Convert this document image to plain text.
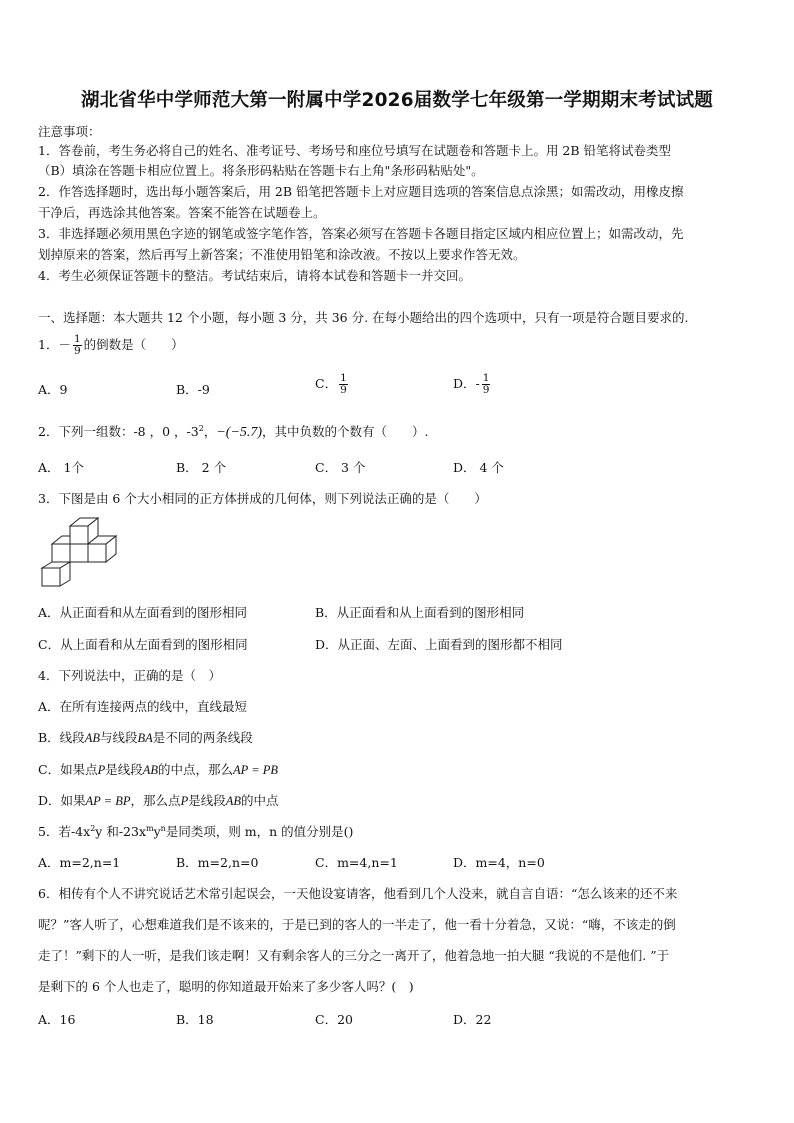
湖北省华中学师范大第一附属中学2026届数学七年级第一学期期末考试试题
注意事项：
1．答卷前，考生务必将自己的姓名、准考证号、考场号和座位号填写在试题卷和答题卡上。用 2B 铅笔将试卷类型
（B）填涂在答题卡相应位置上。将条形码粘贴在答题卡右上角"条形码粘贴处"。
2．作答选择题时，选出每小题答案后，用 2B 铅笔把答题卡上对应题目选项的答案信息点涂黑；如需改动，用橡皮擦
干净后，再选涂其他答案。答案不能答在试题卷上。
3．非选择题必须用黑色字迹的钢笔或签字笔作答，答案必须写在答题卡各题目指定区域内相应位置上；如需改动，先
划掉原来的答案，然后再写上新答案；不准使用铅笔和涂改液。不按以上要求作答无效。
4．考生必须保证答题卡的整洁。考试结束后，请将本试卷和答题卡一并交回。
一、选择题：本大题共 12 个小题，每小题 3 分，共 36 分. 在每小题给出的四个选项中，只有一项是符合题目要求的.
1．－ $\frac{1}{9}$ 的倒数是（　　）
A．9	B．-9	C． $\frac{1}{9}$	D．- $\frac{1}{9}$
2．下列一组数：-8 ，0 ，$-3^2$，−(−5.7)，其中负数的个数有（　　）.
A． 1个	B． 2 个	C． 3 个	D． 4 个
3．下图是由 6 个大小相同的正方体拼成的几何体，则下列说法正确的是（　　）
A．从正面看和从左面看到的图形相同	B．从正面看和从上面看到的图形相同
C．从上面看和从左面看到的图形相同	D．从正面、左面、上面看到的图形都不相同
4．下列说法中，正确的是（　）
A．在所有连接两点的线中，直线最短
B．线段AB与线段BA是不同的两条线段
C．如果点P是线段AB的中点，那么AP = PB
D．如果AP = BP，那么点P是线段AB的中点
5．若$-4x^2y$ 和$-23x^my^n$是同类项，则 m，n 的值分别是()
A．m=2,n=1	B．m=2,n=0	C．m=4,n=1	D．m=4，n=0
6．相传有个人不讲究说话艺术常引起误会，一天他设宴请客，他看到几个人没来，就自言自语：“怎么该来的还不来
呢？”客人听了，心想难道我们是不该来的，于是已到的客人的一半走了，他一看十分着急，又说：“嗨，不该走的倒
走了！”剩下的人一听，是我们该走啊！又有剩余客人的三分之一离开了，他着急地一拍大腿 “我说的不是他们. ”于
是剩下的 6 个人也走了，聪明的你知道最开始来了多少客人吗？(　)
A．16	B．18	C．20	D．22
